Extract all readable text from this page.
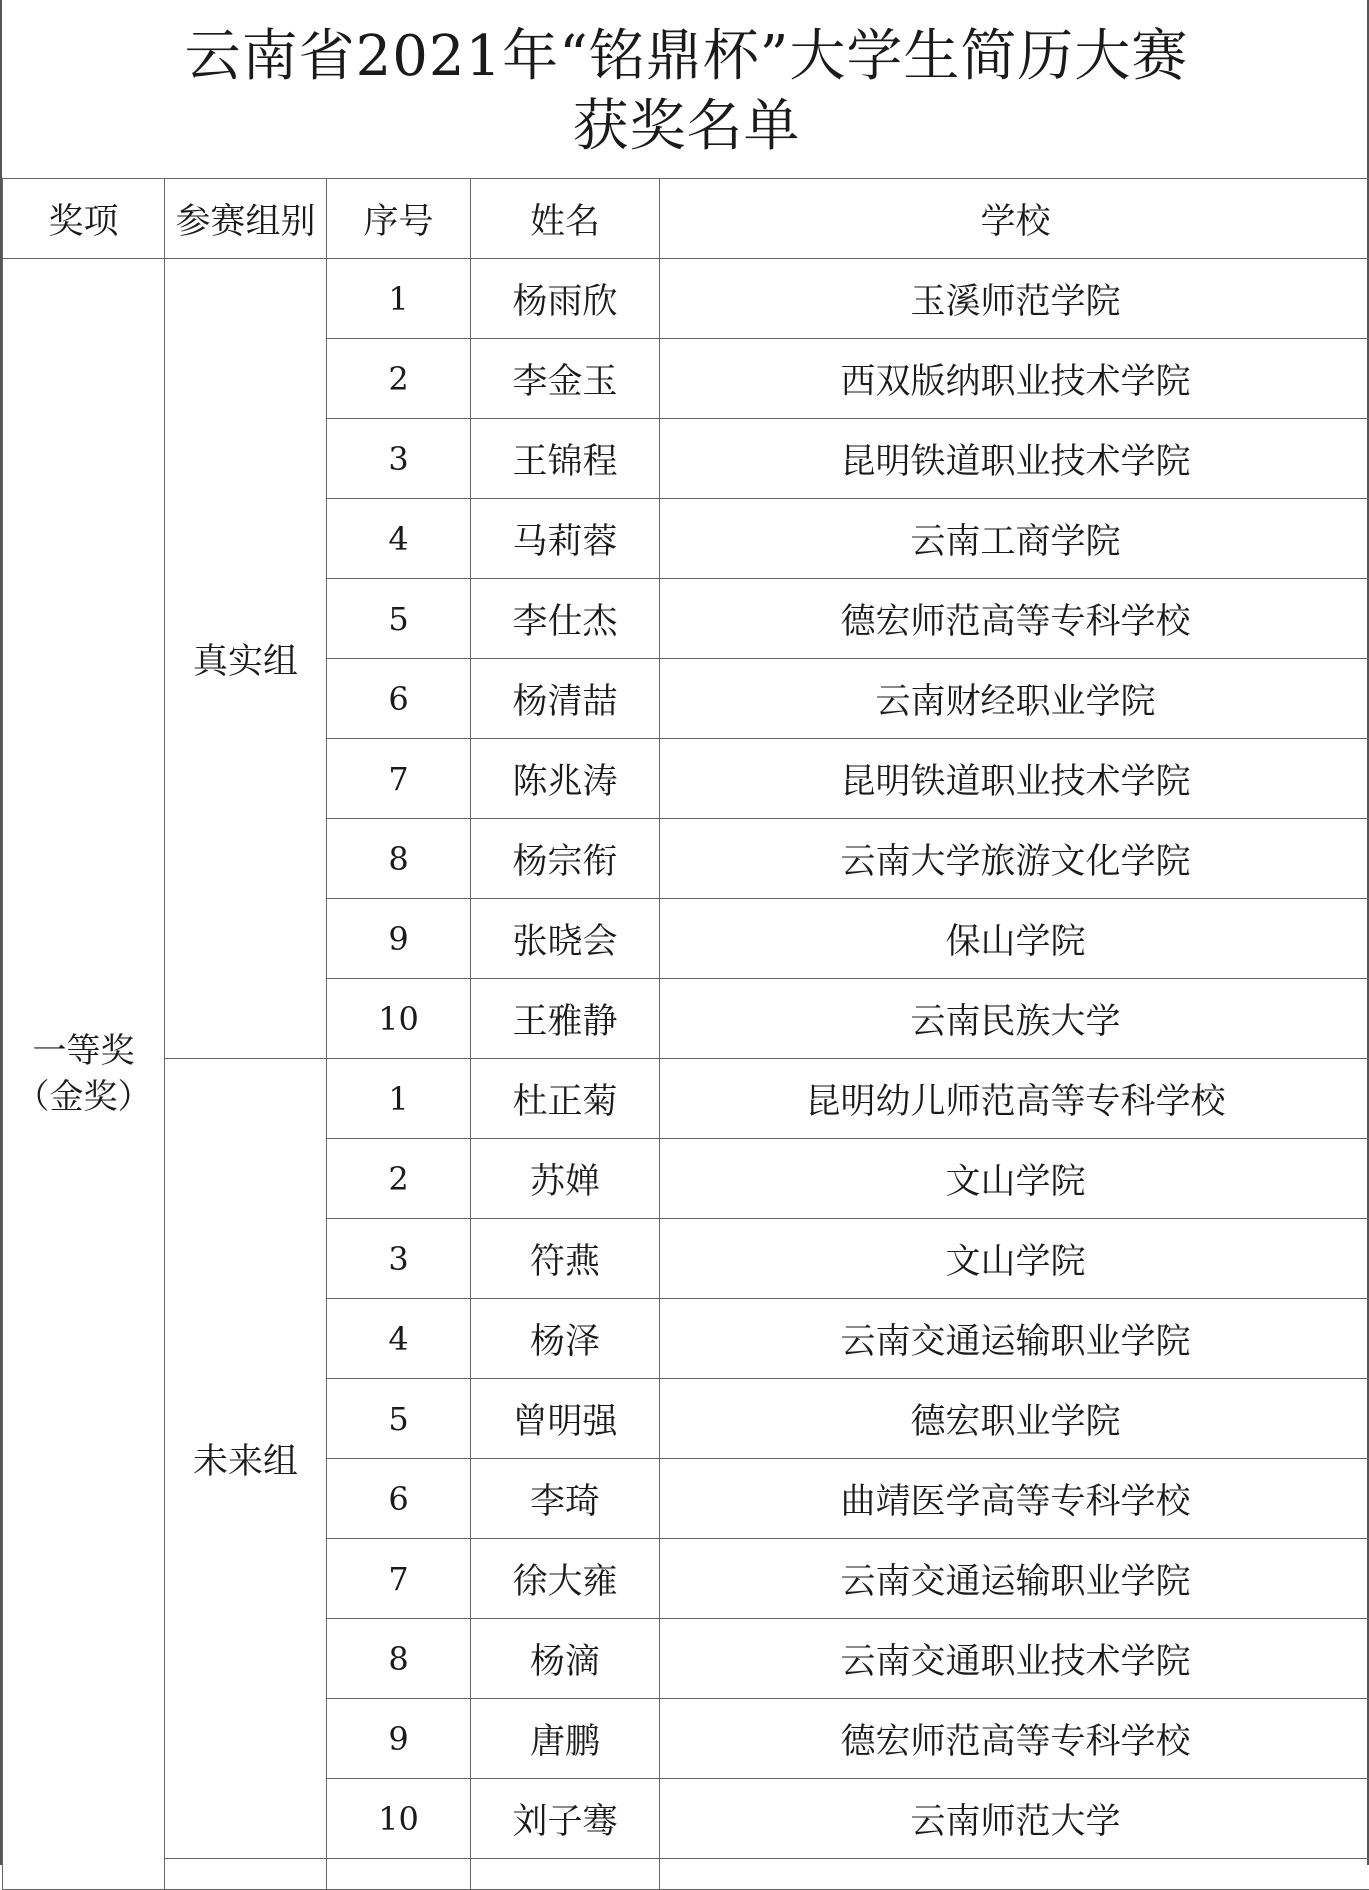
云南省2021年“铭鼎杯”大学生简历大赛
获奖名单
奖项	参赛组别	序号	姓名	学校

一等奖
（金奖）	真实组	1	杨雨欣	玉溪师范学院
		2	李金玉	西双版纳职业技术学院
		3	王锦程	昆明铁道职业技术学院
		4	马莉蓉	云南工商学院
		5	李仕杰	德宏师范高等专科学校
		6	杨清喆	云南财经职业学院
		7	陈兆涛	昆明铁道职业技术学院
		8	杨宗衔	云南大学旅游文化学院
		9	张晓会	保山学院
		10	王雅静	云南民族大学
	未来组	1	杜正菊	昆明幼儿师范高等专科学校
		2	苏婵	文山学院
		3	符燕	文山学院
		4	杨泽	云南交通运输职业学院
		5	曾明强	德宏职业学院
		6	李琦	曲靖医学高等专科学校
		7	徐大雍	云南交通运输职业学院
		8	杨滴	云南交通职业技术学院
		9	唐鹏	德宏师范高等专科学校
		10	刘子骞	云南师范大学
